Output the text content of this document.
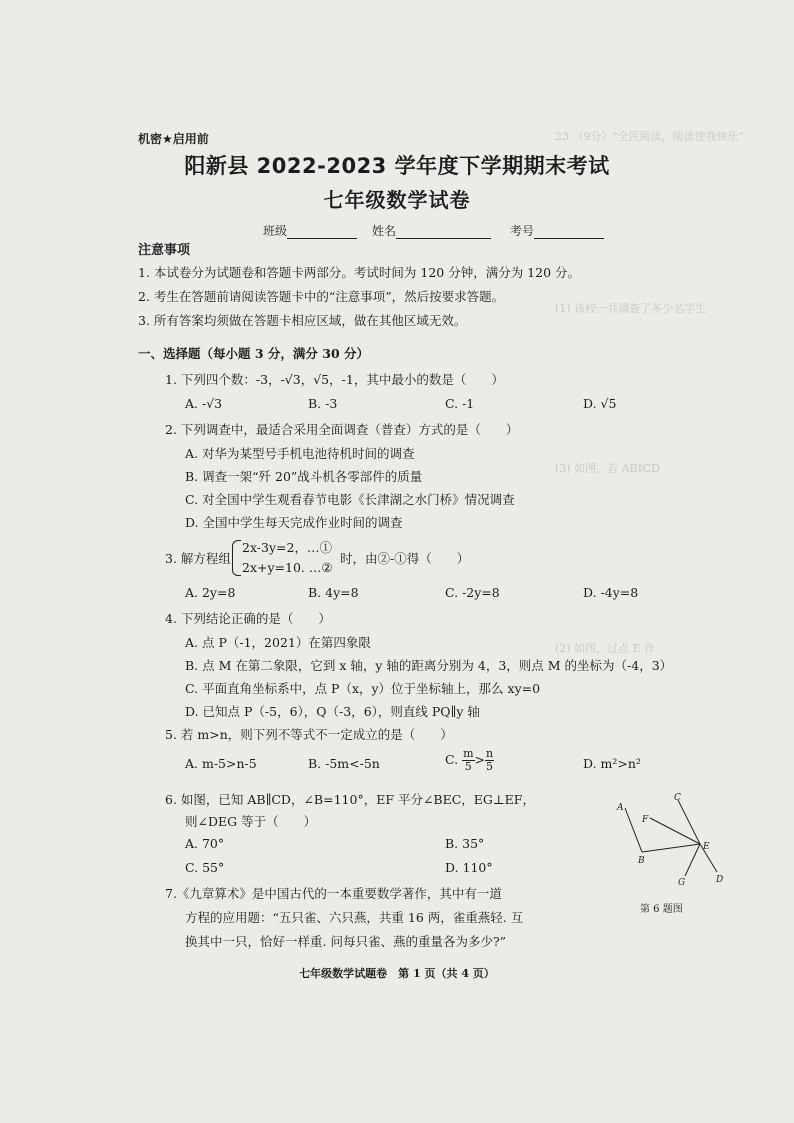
23.（9分）"全民阅读，阅读使我快乐"
(1) 该校一共调查了多少名学生
(3) 如图，若 AB∥CD
(2) 如图，过点 E 作
机密★启用前
阳新县 2022-2023 学年度下学期期末考试
七年级数学试卷
班级	姓名	考号
注意事项
1. 本试卷分为试题卷和答题卡两部分。考试时间为 120 分钟，满分为 120 分。
2. 考生在答题前请阅读答题卡中的“注意事项”，然后按要求答题。
3. 所有答案均须做在答题卡相应区域，做在其他区域无效。
一、选择题（每小题 3 分，满分 30 分）
1. 下列四个数：-3，-√3，√5，-1，其中最小的数是（　　）
A. -√3	B. -3	C. -1	D. √5
2. 下列调查中，最适合采用全面调查（普查）方式的是（　　）
A. 对华为某型号手机电池待机时间的调查
B. 调查一架“歼 20”战斗机各零部件的质量
C. 对全国中学生观看春节电影《长津湖之水门桥》情况调查
D. 全国中学生每天完成作业时间的调查
3. 解方程组
2x-3y=2，…①
2x+y=10. …②
时，由②-①得（　　）
A. 2y=8	B. 4y=8	C. -2y=8	D. -4y=8
4. 下列结论正确的是（　　）
A. 点 P（-1，2021）在第四象限
B. 点 M 在第二象限，它到 x 轴，y 轴的距离分别为 4，3，则点 M 的坐标为（-4，3）
C. 平面直角坐标系中，点 P（x，y）位于坐标轴上，那么 xy=0
D. 已知点 P（-5，6），Q（-3，6），则直线 PQ∥y 轴
5. 若 m>n，则下列不等式不一定成立的是（　　）
A. m-5>n-5	B. -5m<-5n	C. $\frac{m}{5} > \frac{n}{5}$	D. m²>n²
6. 如图，已知 AB∥CD，∠B=110°，EF 平分∠BEC，EG⊥EF，
则∠DEG 等于（　　）
A. 70°	B. 35°
C. 55°	D. 110°
A
B
C
D
E
F
G
第 6 题图
7.《九章算术》是中国古代的一本重要数学著作，其中有一道
方程的应用题：“五只雀、六只燕，共重 16 两，雀重燕轻. 互
换其中一只，恰好一样重. 问每只雀、燕的重量各为多少?”
七年级数学试题卷　第 1 页（共 4 页）
